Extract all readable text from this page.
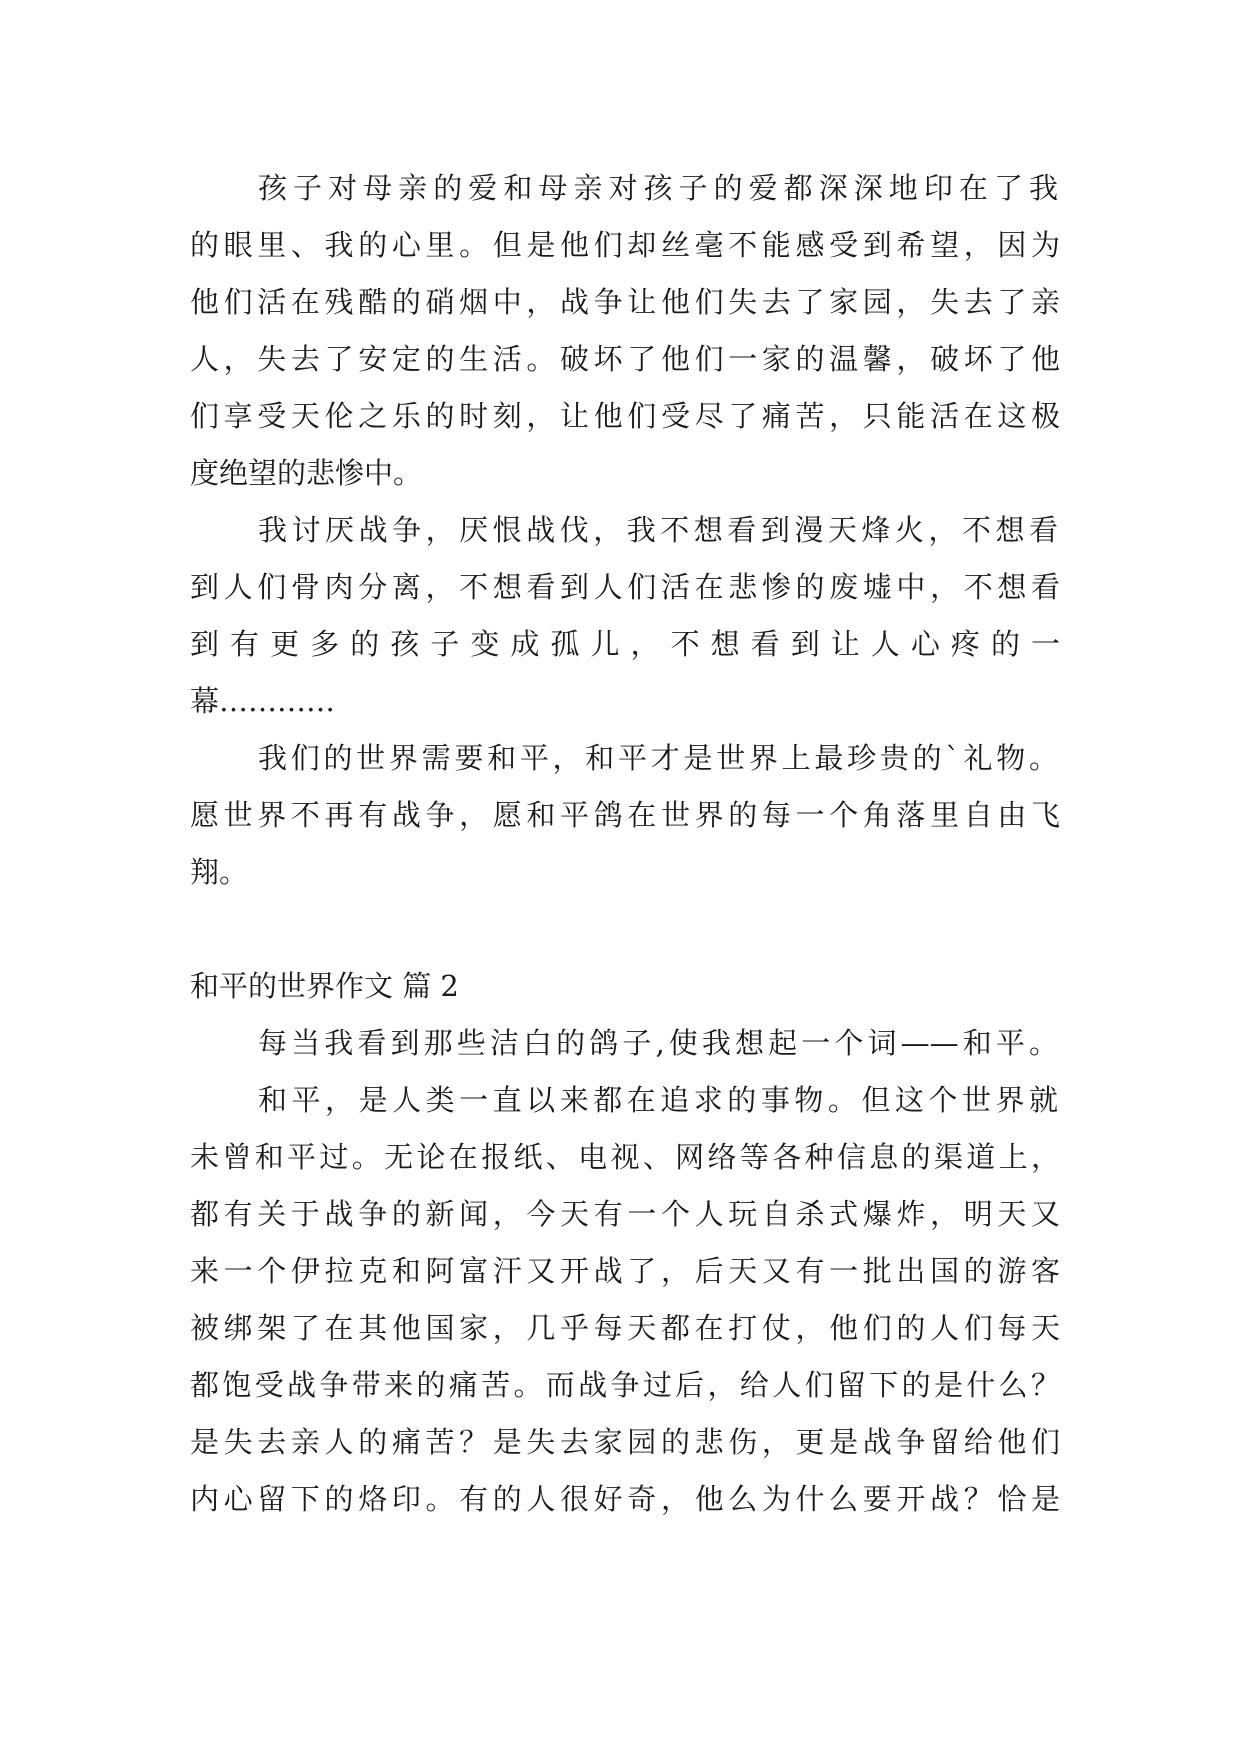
孩子对母亲的爱和母亲对孩子的爱都深深地印在了我
的眼里、我的心里。但是他们却丝毫不能感受到希望，因为
他们活在残酷的硝烟中，战争让他们失去了家园，失去了亲
人，失去了安定的生活。破坏了他们一家的温馨，破坏了他
们享受天伦之乐的时刻，让他们受尽了痛苦，只能活在这极
度绝望的悲惨中。
我讨厌战争，厌恨战伐，我不想看到漫天烽火，不想看
到人们骨肉分离，不想看到人们活在悲惨的废墟中，不想看
到有更多的孩子变成孤儿，不想看到让人心疼的一
幕…………
我们的世界需要和平，和平才是世界上最珍贵的`礼物。
愿世界不再有战争，愿和平鸽在世界的每一个角落里自由飞
翔。
和平的世界作文 篇 2
每当我看到那些洁白的鸽子,使我想起一个词——和平。
和平，是人类一直以来都在追求的事物。但这个世界就
未曾和平过。无论在报纸、电视、网络等各种信息的渠道上，
都有关于战争的新闻，今天有一个人玩自杀式爆炸，明天又
来一个伊拉克和阿富汗又开战了，后天又有一批出国的游客
被绑架了在其他国家，几乎每天都在打仗，他们的人们每天
都饱受战争带来的痛苦。而战争过后，给人们留下的是什么？
是失去亲人的痛苦？是失去家园的悲伤，更是战争留给他们
内心留下的烙印。有的人很好奇，他么为什么要开战？恰是
